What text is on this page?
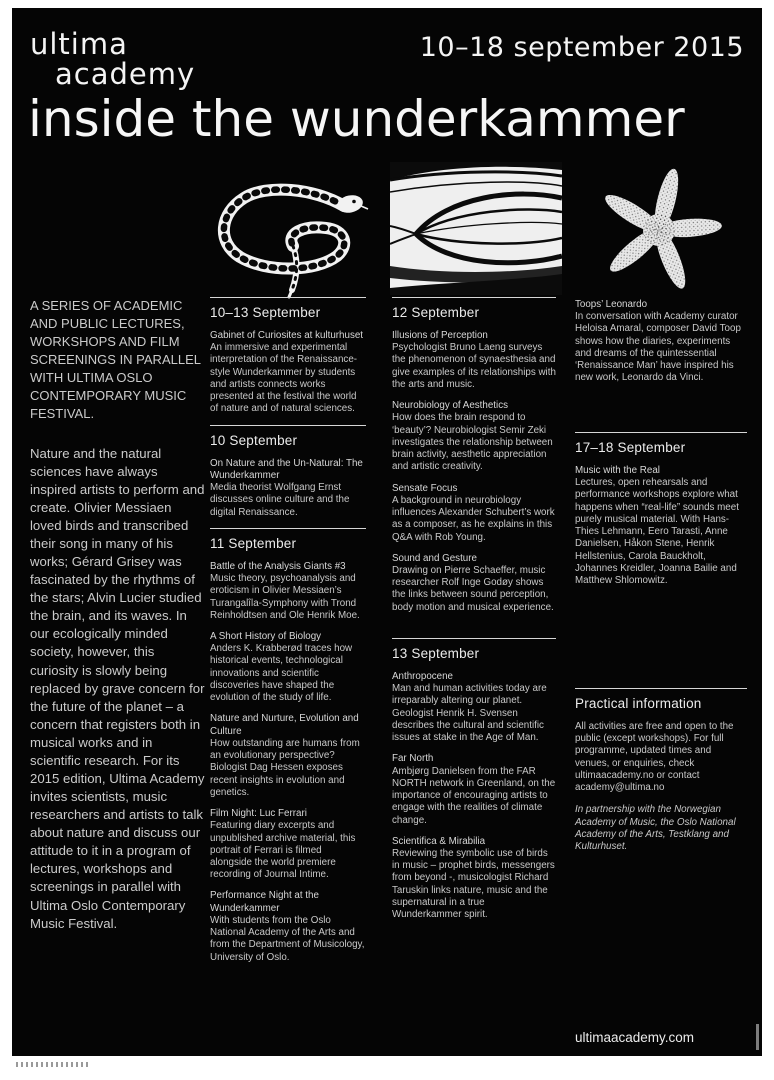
ultima
academy
10–18 september 2015
inside the wunderkammer
A SERIES OF ACADEMIC AND PUBLIC LECTURES, WORKSHOPS AND FILM SCREENINGS IN PARALLEL WITH ULTIMA OSLO CONTEMPORARY MUSIC FESTIVAL.
Nature and the natural sciences have always inspired artists to perform and create. Olivier Messiaen loved birds and transcribed their song in many of his works; Gérard Grisey was fascinated by the rhythms of the stars; Alvin Lucier studied the brain, and its waves. In our ecologically minded society, however, this curiosity is slowly being replaced by grave concern for the future of the planet – a concern that registers both in musical works and in scientific research. For its 2015 edition, Ultima Academy invites scientists, music researchers and artists to talk about nature and discuss our attitude to it in a program of lectures, workshops and screenings in parallel with Ultima Oslo Contemporary Music Festival.
10–13 September
Gabinet of Curiosites at kulturhuset
An immersive and experimental interpretation of the Renaissance-style Wunderkammer by students and artists connects works presented at the festival the world of nature and of natural sciences.
10 September
On Nature and the Un-Natural: The Wunderkammer
Media theorist Wolfgang Ernst discusses online culture and the digital Renaissance.
11 September
Battle of the Analysis Giants #3
Music theory, psychoanalysis and eroticism in Olivier Messiaen’s Turangalîla-Symphony with Trond Reinholdtsen and Ole Henrik Moe.
A Short History of Biology
Anders K. Krabberød traces how historical events, technological innovations and scientific discoveries have shaped the evolution of the study of life.
Nature and Nurture, Evolution and Culture
How outstanding are humans from an evolutionary perspective? Biologist Dag Hessen exposes recent insights in evolution and genetics.
Film Night: Luc Ferrari
Featuring diary excerpts and unpublished archive material, this portrait of Ferrari is filmed alongside the world premiere recording of Journal Intime.
Performance Night at the Wunderkammer
With students from the Oslo National Academy of the Arts and from the Department of Musicology, University of Oslo.
12 September
Illusions of Perception
Psychologist Bruno Laeng surveys the phenomenon of synaesthesia and give examples of its relationships with the arts and music.
Neurobiology of Aesthetics
How does the brain respond to ‘beauty’? Neurobiologist Semir Zeki investigates the relationship between brain activity, aesthetic appreciation and artistic creativity.
Sensate Focus
A background in neurobiology influences Alexander Schubert’s work as a composer, as he explains in this Q&A with Rob Young.
Sound and Gesture
Drawing on Pierre Schaeffer, music researcher Rolf Inge Godøy shows the links between sound perception, body motion and musical experience.
13 September
Anthropocene
Man and human activities today are irreparably altering our planet. Geologist Henrik H. Svensen describes the cultural and scientific issues at stake in the Age of Man.
Far North
Ambjørg Danielsen from the FAR NORTH network in Greenland, on the importance of encouraging artists to engage with the realities of climate change.
Scientifica & Mirabilia
Reviewing the symbolic use of birds in music – prophet birds, messengers from beyond -, musicologist Richard Taruskin links nature, music and the supernatural in a true Wunderkammer spirit.
Toops’ Leonardo
In conversation with Academy curator Heloisa Amaral, composer David Toop shows how the diaries, experiments and dreams of the quintessential ‘Renaissance Man’ have inspired his new work, Leonardo da Vinci.
17–18 September
Music with the Real
Lectures, open rehearsals and performance workshops explore what happens when “real-life” sounds meet purely musical material. With Hans-Thies Lehmann, Eero Tarasti, Anne Danielsen, Håkon Stene, Henrik Hellstenius, Carola Bauckholt, Johannes Kreidler, Joanna Bailie and Matthew Shlomowitz.
Practical information

All activities are free and open to the public (except workshops). For full programme, updated times and venues, or enquiries, check ultimaacademy.no or contact academy@ultima.no

In partnership with the Norwegian Academy of Music, the Oslo National Academy of the Arts, Testklang and Kulturhuset.

ultimaacademy.com
